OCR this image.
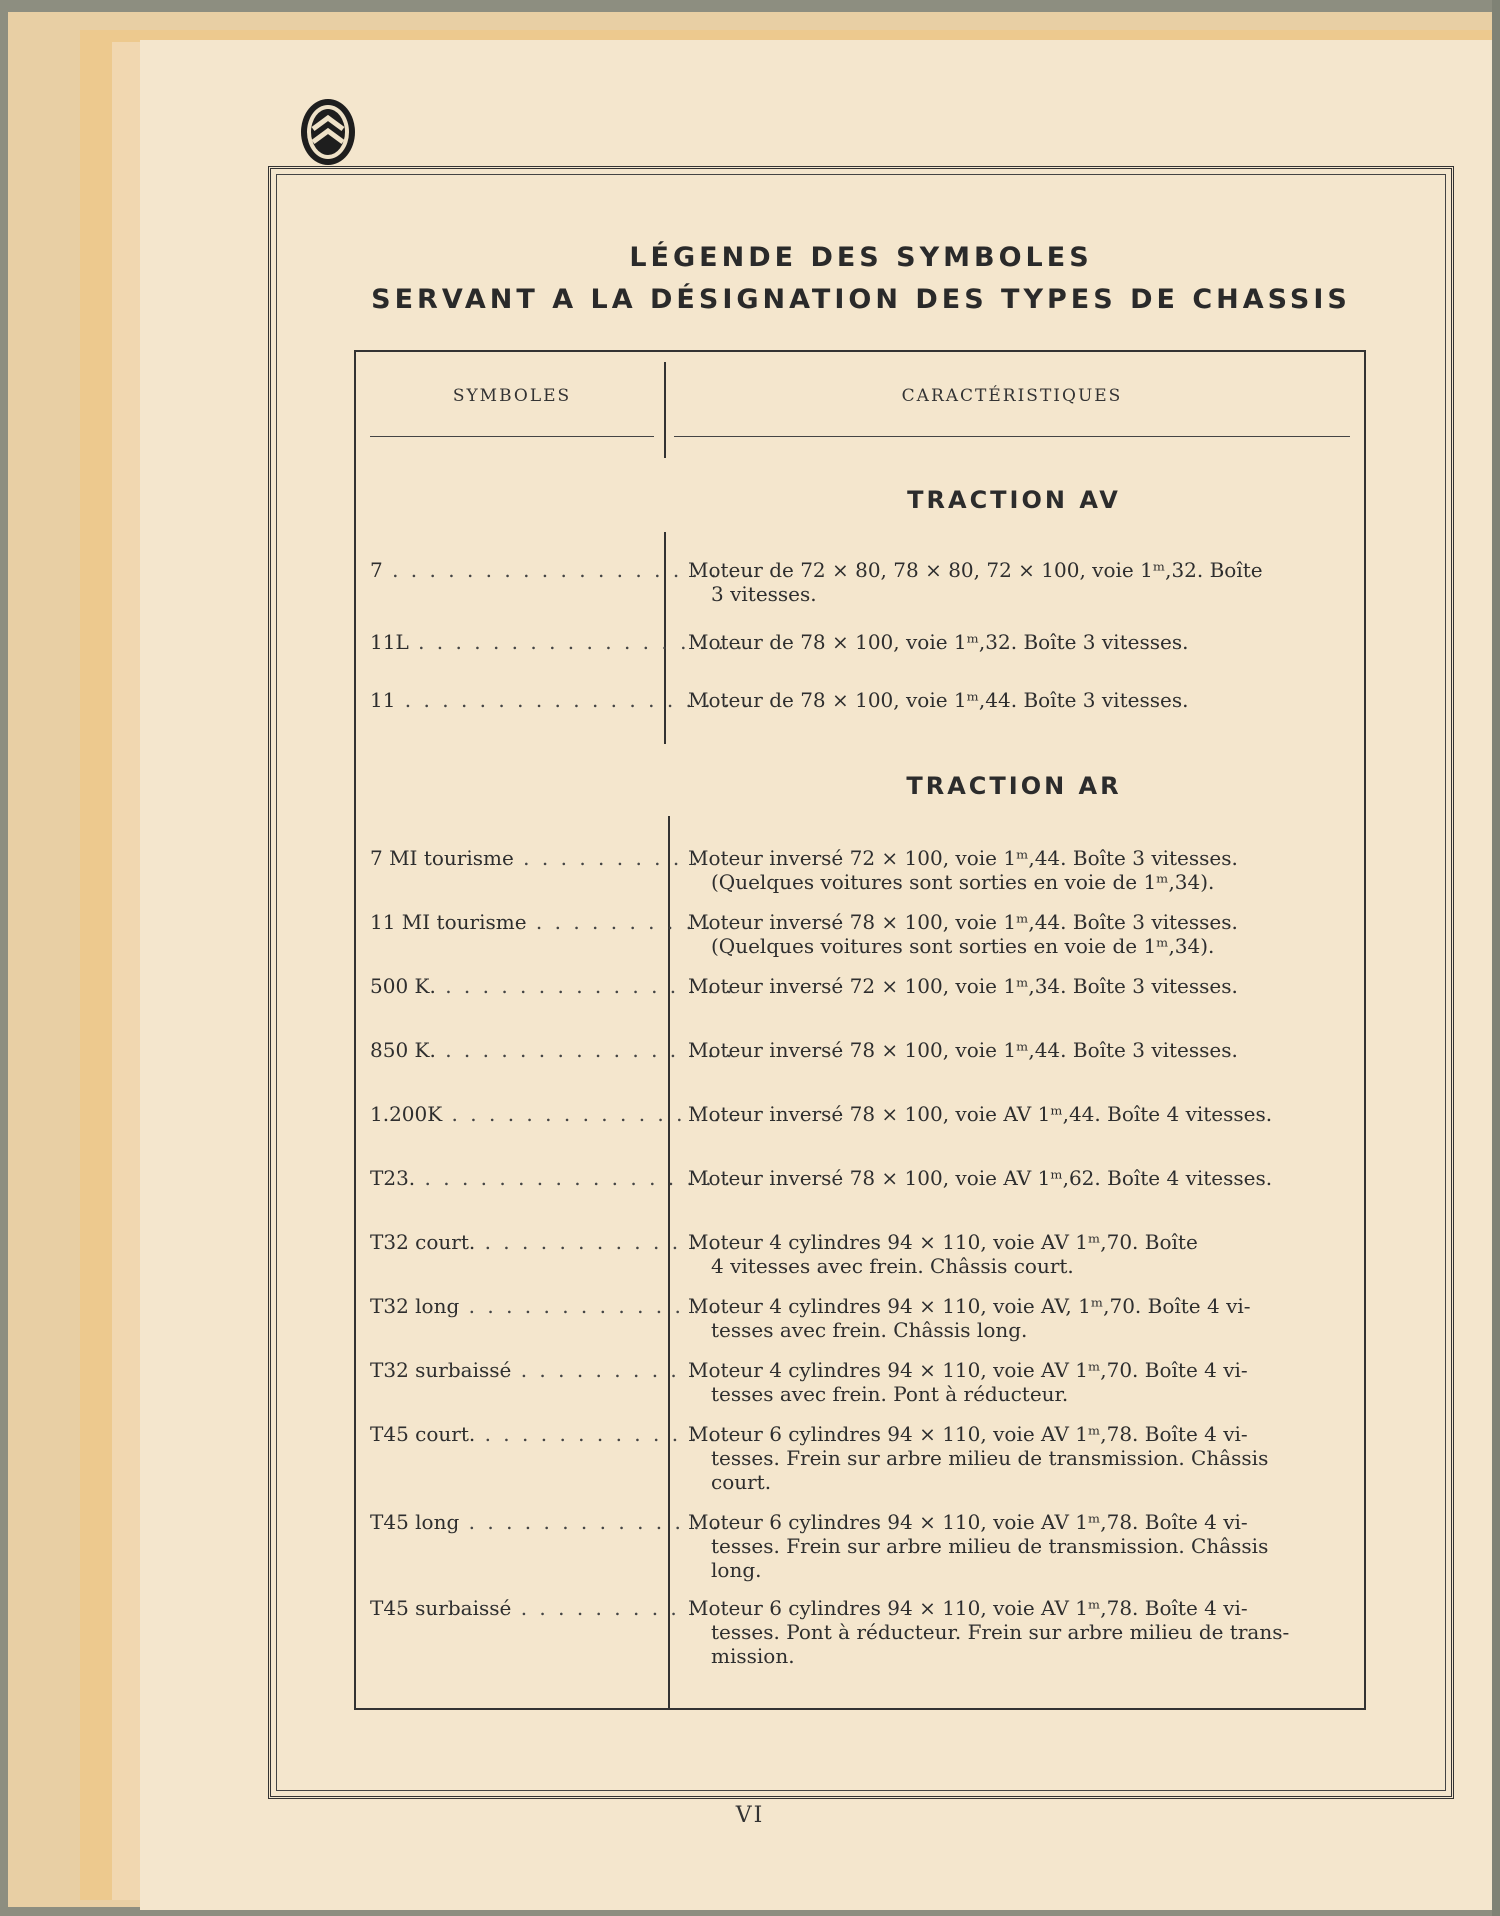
LÉGENDE DES SYMBOLES
SERVANT A LA DÉSIGNATION DES TYPES DE CHASSIS
SYMBOLES	CARACTÉRISTIQUES
TRACTION AV
7 . . . . . . . . . . . . . . . . . . . .
Moteur de 72 × 80, 78 × 80, 72 × 100, voie 1ᵐ,32. Boîte
3 vitesses.
11L . . . . . . . . . . . . . . . . . .
Moteur de 78 × 100, voie 1ᵐ,32. Boîte 3 vitesses.
11 . . . . . . . . . . . . . . . . . . .
Moteur de 78 × 100, voie 1ᵐ,44. Boîte 3 vitesses.
TRACTION AR
7 MI tourisme . . . . . . . . . .
Moteur inversé 72 × 100, voie 1ᵐ,44. Boîte 3 vitesses.
(Quelques voitures sont sorties en voie de 1ᵐ,34).
11 MI tourisme . . . . . . . . . .
Moteur inversé 78 × 100, voie 1ᵐ,44. Boîte 3 vitesses.
(Quelques voitures sont sorties en voie de 1ᵐ,34).
500 K. . . . . . . . . . . . . . . . .
Moteur inversé 72 × 100, voie 1ᵐ,34. Boîte 3 vitesses.
850 K. . . . . . . . . . . . . . . . .
Moteur inversé 78 × 100, voie 1ᵐ,44. Boîte 3 vitesses.
1.200K . . . . . . . . . . . . . . . .
Moteur inversé 78 × 100, voie AV 1ᵐ,44. Boîte 4 vitesses.
T23. . . . . . . . . . . . . . . . . . .
Moteur inversé 78 × 100, voie AV 1ᵐ,62. Boîte 4 vitesses.
T32 court. . . . . . . . . . . . . .
Moteur 4 cylindres 94 × 110, voie AV 1ᵐ,70. Boîte
4 vitesses avec frein. Châssis court.
T32 long . . . . . . . . . . . . . .
Moteur 4 cylindres 94 × 110, voie AV, 1ᵐ,70. Boîte 4 vi-
tesses avec frein. Châssis long.
T32 surbaissé . . . . . . . . . .
Moteur 4 cylindres 94 × 110, voie AV 1ᵐ,70. Boîte 4 vi-
tesses avec frein. Pont à réducteur.
T45 court. . . . . . . . . . . . . .
Moteur 6 cylindres 94 × 110, voie AV 1ᵐ,78. Boîte 4 vi-
tesses. Frein sur arbre milieu de transmission. Châssis
court.
T45 long . . . . . . . . . . . . . .
Moteur 6 cylindres 94 × 110, voie AV 1ᵐ,78. Boîte 4 vi-
tesses. Frein sur arbre milieu de transmission. Châssis
long.
T45 surbaissé . . . . . . . . . .
Moteur 6 cylindres 94 × 110, voie AV 1ᵐ,78. Boîte 4 vi-
tesses. Pont à réducteur. Frein sur arbre milieu de trans-
mission.
VI
